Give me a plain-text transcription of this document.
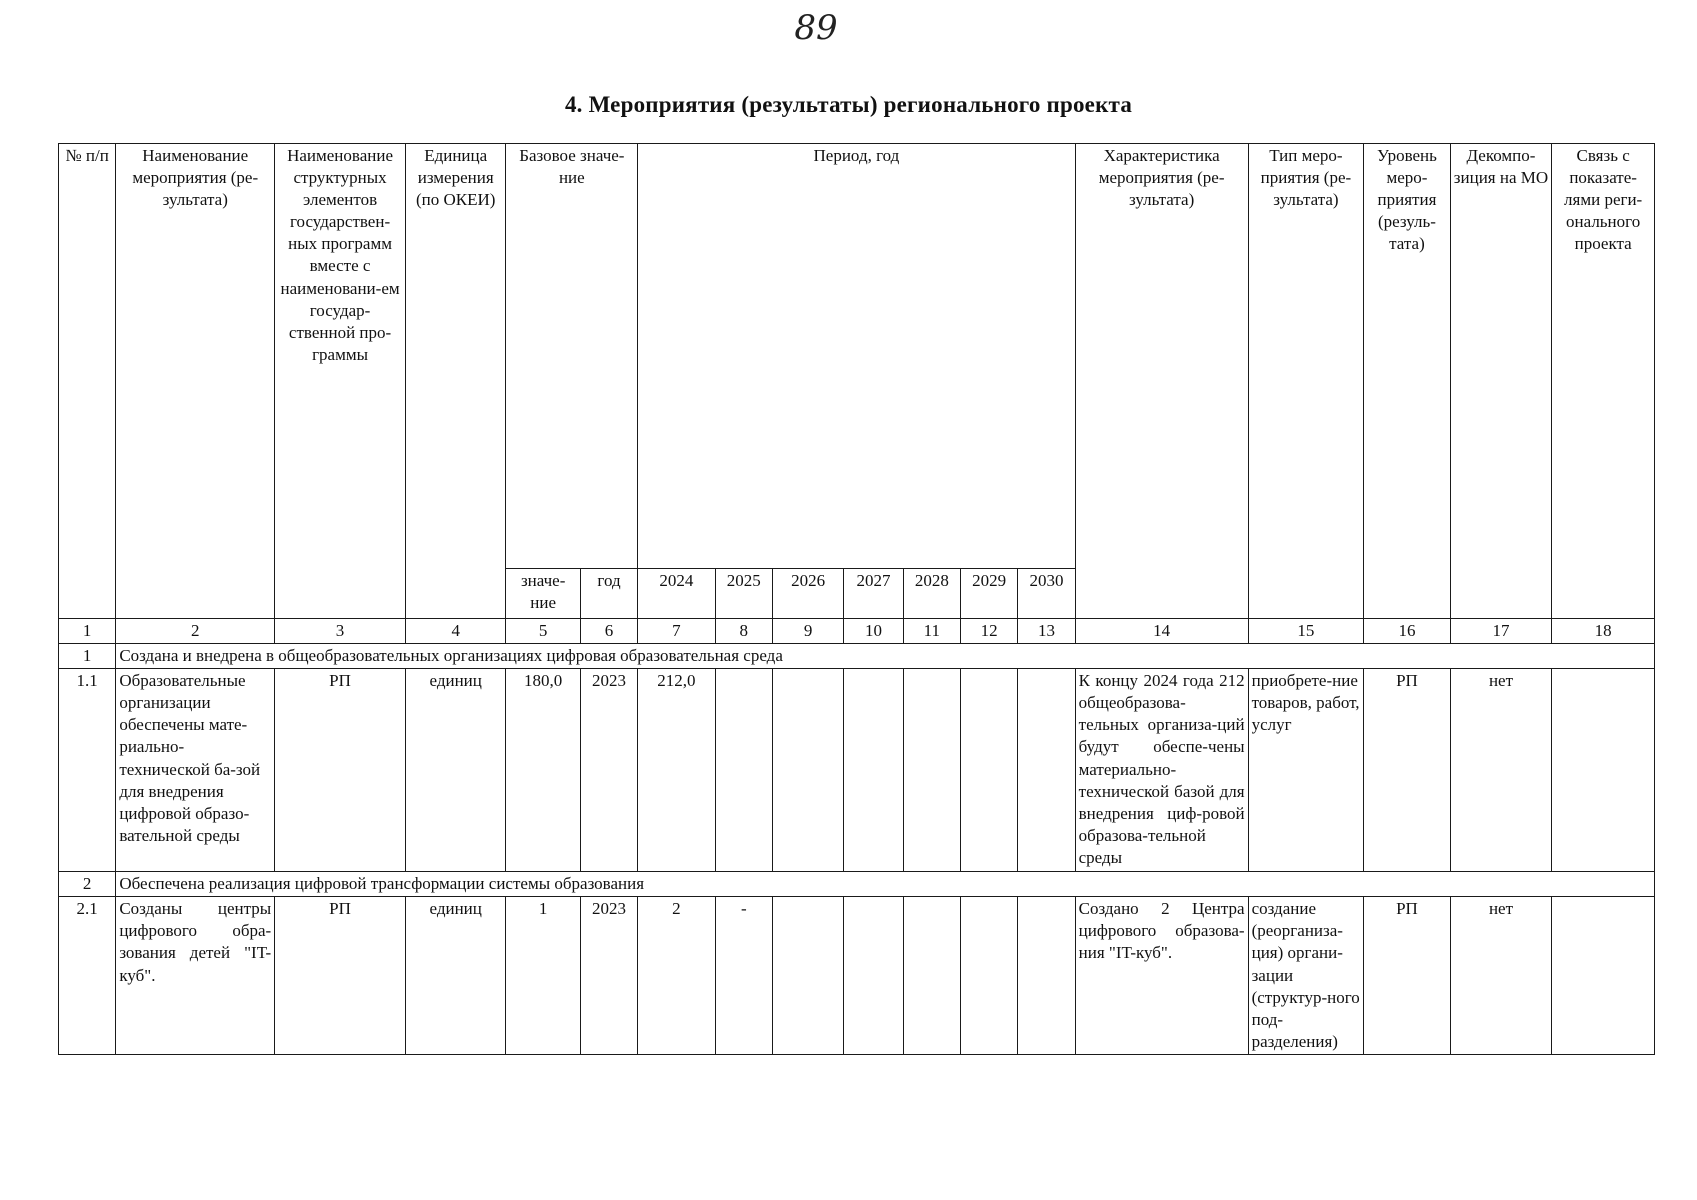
89
4. Мероприятия (результаты) регионального проекта
№ п/п	Наименование мероприятия (ре-зультата)	Наименование структурных элементов государствен-ных программ вместе с наименовани-ем государ-ственной про-граммы	Единица измерения (по ОКЕИ)	Базовое значе-ние		Период, год							Характеристика мероприятия (ре-зультата)	Тип меро-приятия (ре-зультата)	Уровень меро-приятия (резуль-тата)	Декомпо-зиция на МО	Связь с показате-лями реги-онального проекта
				значе-ние	год	2024	2025	2026	2027	2028	2029	2030					
1	2	3	4	5	6	7	8	9	10	11	12	13	14	15	16	17	18
1	Создана и внедрена в общеобразовательных организациях цифровая образовательная среда																
1.1	Образовательные организации обеспечены мате-риально-технической ба-зой для внедрения цифровой образо-вательной среды	РП	единиц	180,0	2023	212,0							К концу 2024 года 212 общеобразова-тельных организа-ций будут обеспе-чены материально-технической базой для внедрения циф-ровой образова-тельной среды	приобрете-ние товаров, работ, услуг	РП	нет	
2	Обеспечена реализация цифровой трансформации системы образования																
2.1	Созданы центры цифрового обра-зования детей "IT-куб".	РП	единиц	1	2023	2	-						Создано 2 Центра цифрового образова-ния "IT-куб".	создание (реорганиза-ция) органи-зации (структур-ного под-разделения)	РП	нет	
